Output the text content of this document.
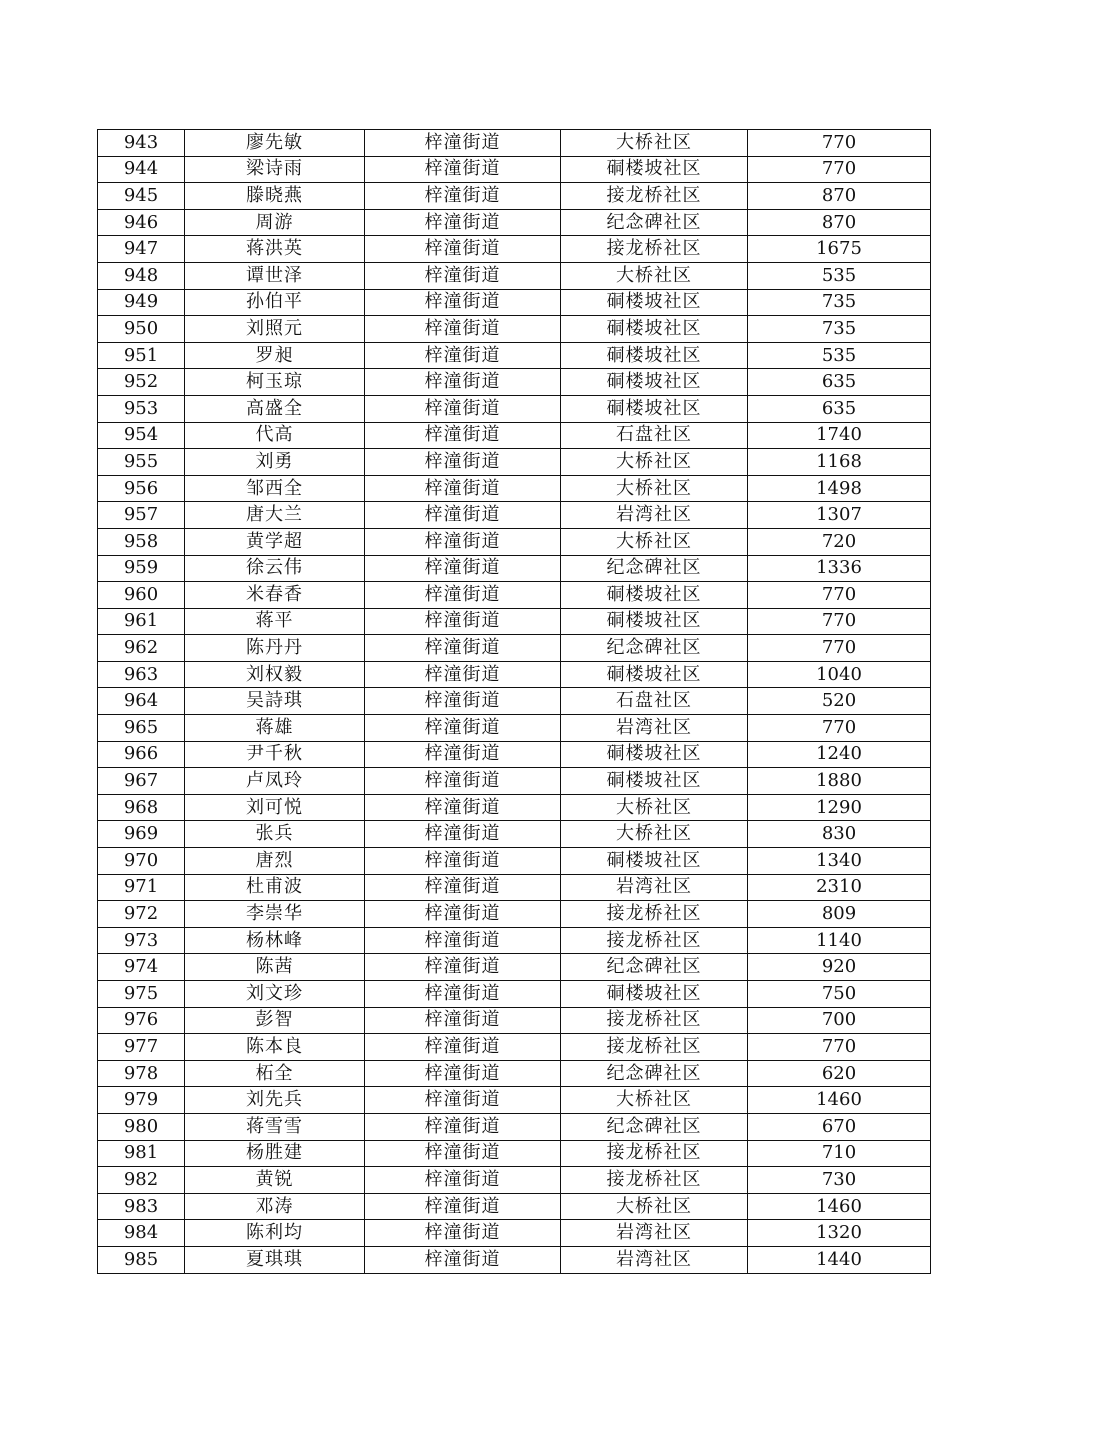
943	廖先敏	梓潼街道	大桥社区	770
944	梁诗雨	梓潼街道	硐楼坡社区	770
945	滕晓燕	梓潼街道	接龙桥社区	870
946	周游	梓潼街道	纪念碑社区	870
947	蒋洪英	梓潼街道	接龙桥社区	1675
948	谭世泽	梓潼街道	大桥社区	535
949	孙伯平	梓潼街道	硐楼坡社区	735
950	刘照元	梓潼街道	硐楼坡社区	735
951	罗昶	梓潼街道	硐楼坡社区	535
952	柯玉琼	梓潼街道	硐楼坡社区	635
953	高盛全	梓潼街道	硐楼坡社区	635
954	代高	梓潼街道	石盘社区	1740
955	刘勇	梓潼街道	大桥社区	1168
956	邹西全	梓潼街道	大桥社区	1498
957	唐大兰	梓潼街道	岩湾社区	1307
958	黄学超	梓潼街道	大桥社区	720
959	徐云伟	梓潼街道	纪念碑社区	1336
960	米春香	梓潼街道	硐楼坡社区	770
961	蒋平	梓潼街道	硐楼坡社区	770
962	陈丹丹	梓潼街道	纪念碑社区	770
963	刘权毅	梓潼街道	硐楼坡社区	1040
964	吴詩琪	梓潼街道	石盘社区	520
965	蒋雄	梓潼街道	岩湾社区	770
966	尹千秋	梓潼街道	硐楼坡社区	1240
967	卢凤玲	梓潼街道	硐楼坡社区	1880
968	刘可悦	梓潼街道	大桥社区	1290
969	张兵	梓潼街道	大桥社区	830
970	唐烈	梓潼街道	硐楼坡社区	1340
971	杜甫波	梓潼街道	岩湾社区	2310
972	李崇华	梓潼街道	接龙桥社区	809
973	杨林峰	梓潼街道	接龙桥社区	1140
974	陈茜	梓潼街道	纪念碑社区	920
975	刘文珍	梓潼街道	硐楼坡社区	750
976	彭智	梓潼街道	接龙桥社区	700
977	陈本良	梓潼街道	接龙桥社区	770
978	柘全	梓潼街道	纪念碑社区	620
979	刘先兵	梓潼街道	大桥社区	1460
980	蒋雪雪	梓潼街道	纪念碑社区	670
981	杨胜建	梓潼街道	接龙桥社区	710
982	黄锐	梓潼街道	接龙桥社区	730
983	邓涛	梓潼街道	大桥社区	1460
984	陈利均	梓潼街道	岩湾社区	1320
985	夏琪琪	梓潼街道	岩湾社区	1440
